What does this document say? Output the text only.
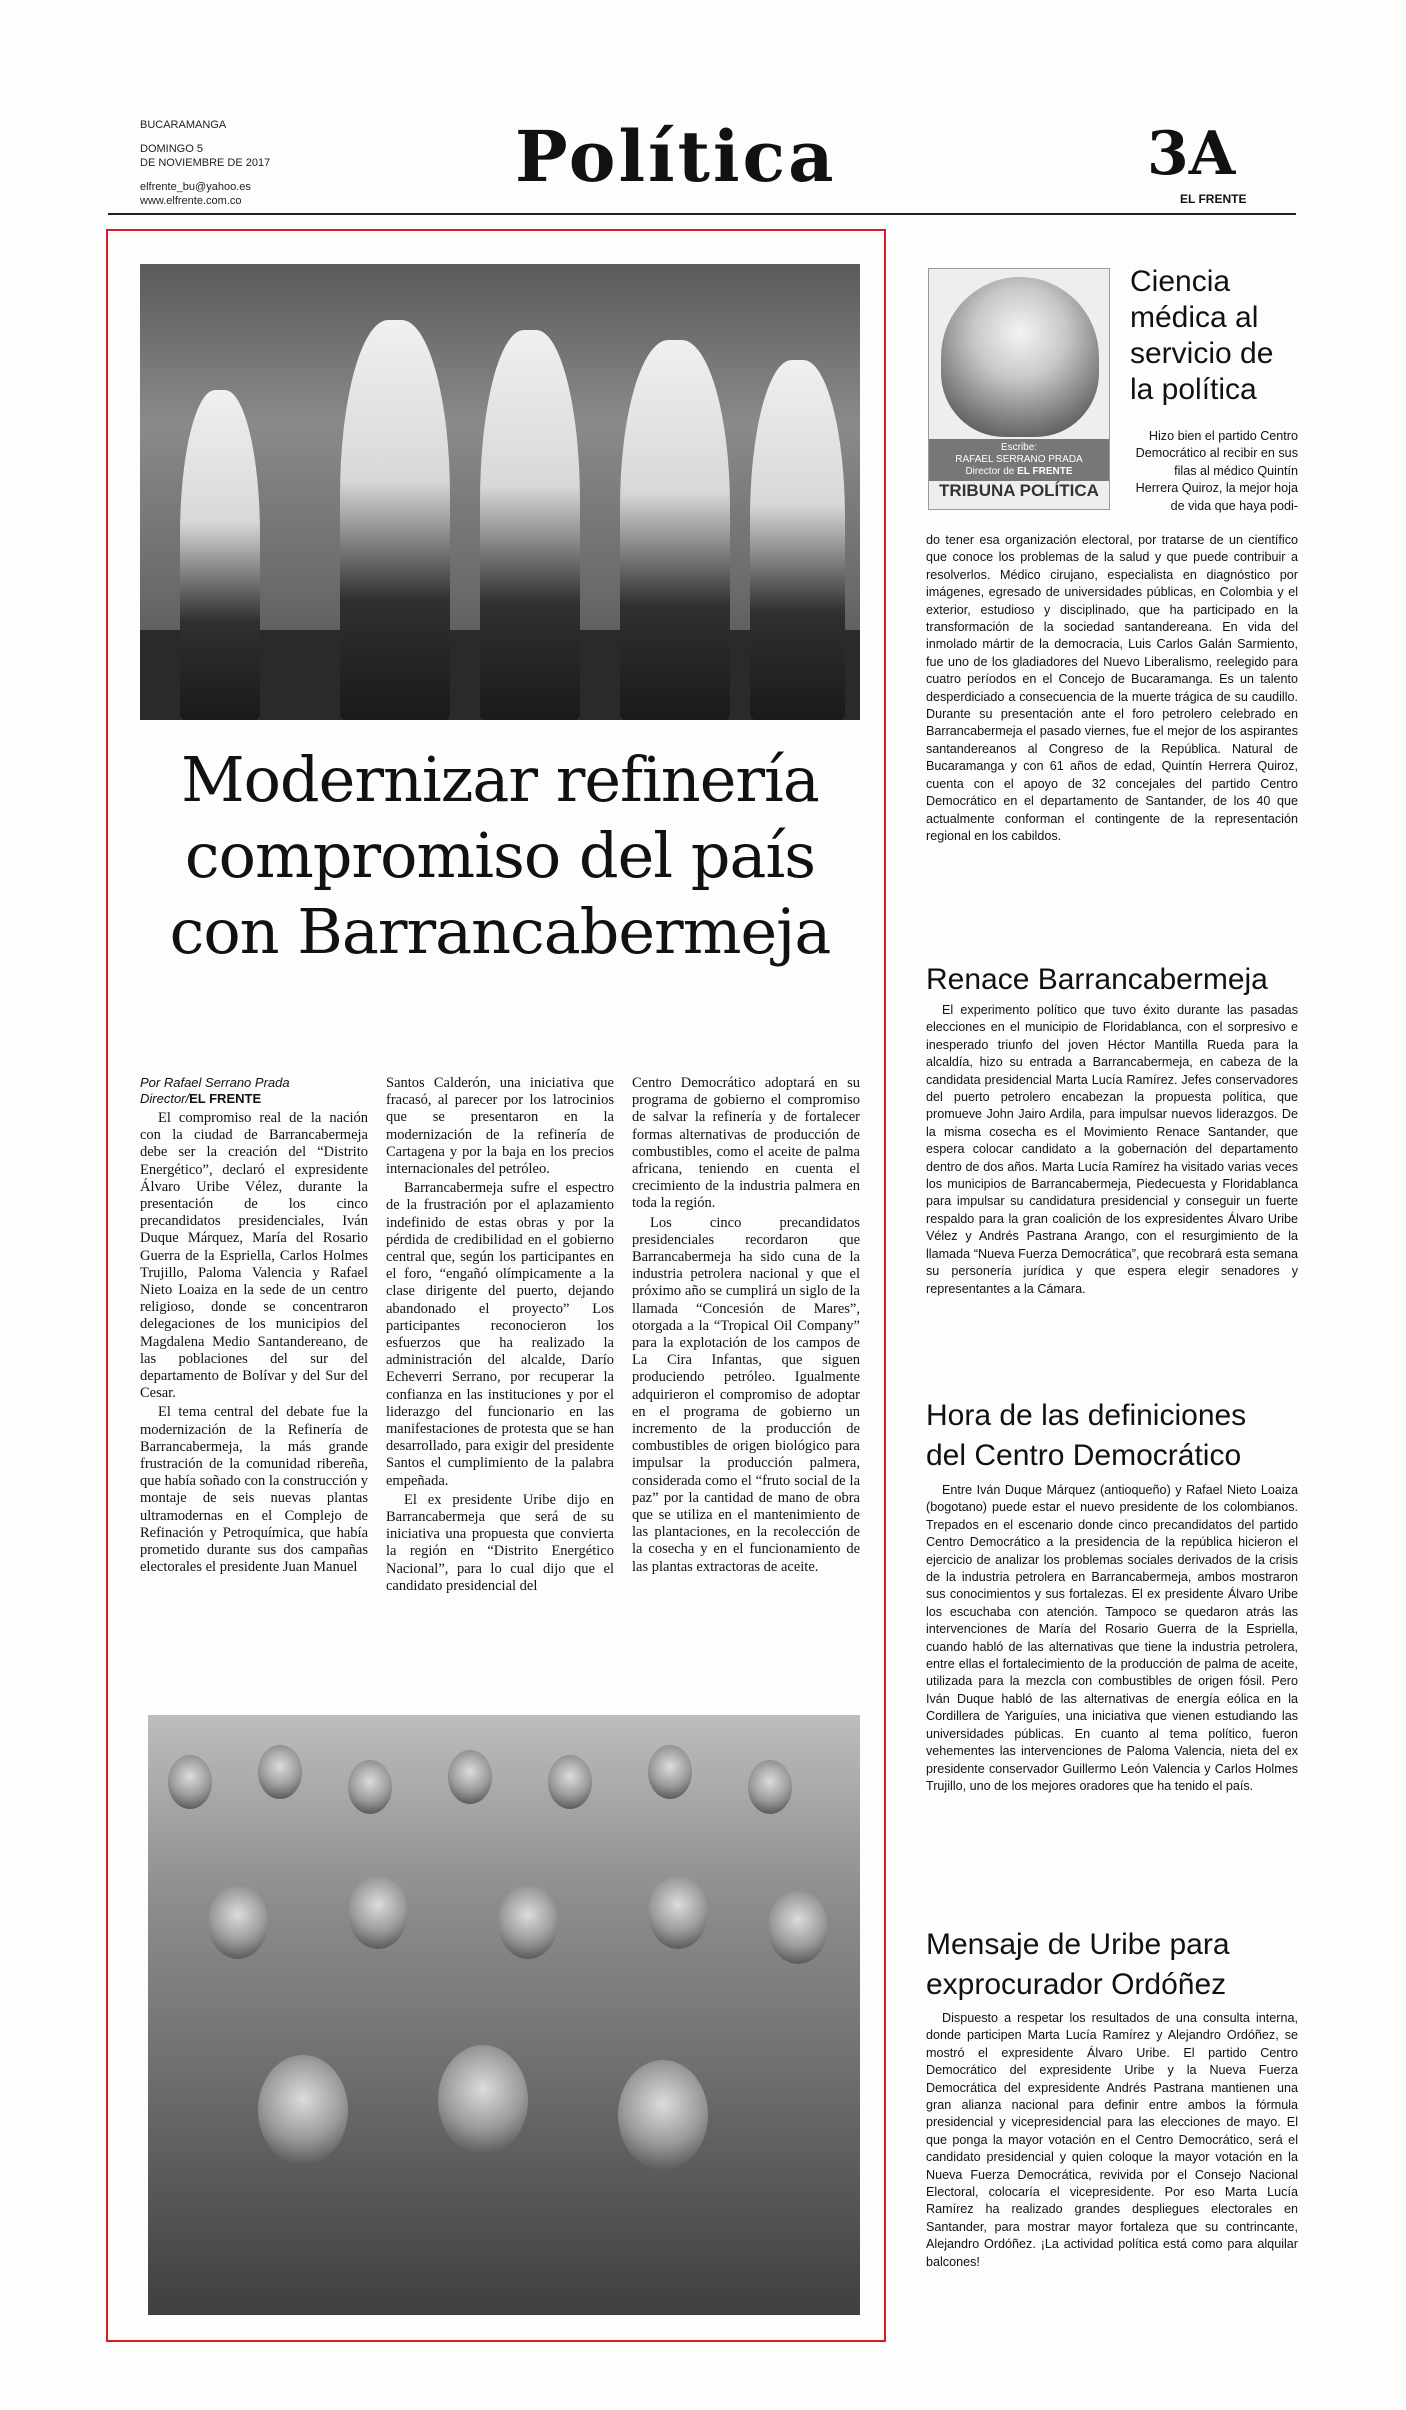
BUCARAMANGA
DOMINGO 5
DE NOVIEMBRE DE 2017
elfrente_bu@yahoo.es
www.elfrente.com.co
Política	3A
EL FRENTE
Modernizar refinería
compromiso del país
con Barrancabermeja
Por Rafael Serrano Prada
Director/EL FRENTE

El compromiso real de la nación con la ciudad de Barrancabermeja debe ser la creación del “Distrito Energético”, declaró el expresidente Álvaro Uribe Vélez, durante la presentación de los cinco precandidatos presidenciales, Iván Duque Márquez, María del Rosario Guerra de la Espriella, Carlos Holmes Trujillo, Paloma Valencia y Rafael Nieto Loaiza en la sede de un centro religioso, donde se concentraron delegaciones de los municipios del Magdalena Medio Santandereano, de las poblaciones del sur del departamento de Bolívar y del Sur del Cesar.

El tema central del debate fue la modernización de la Refinería de Barrancabermeja, la más grande frustración de la comunidad ribereña, que había soñado con la construcción y montaje de seis nuevas plantas ultramodernas en el Complejo de Refinación y Petroquímica, que había prometido durante sus dos campañas electorales el presidente Juan Manuel

Santos Calderón, una iniciativa que fracasó, al parecer por los latrocinios que se presentaron en la modernización de la refinería de Cartagena y por la baja en los precios internacionales del petróleo.

Barrancabermeja sufre el espectro de la frustración por el aplazamiento indefinido de estas obras y por la pérdida de credibilidad en el gobierno central que, según los participantes en el foro, “engañó olímpicamente a la clase dirigente del puerto, dejando abandonado el proyecto” Los participantes reconocieron los esfuerzos que ha realizado la administración del alcalde, Darío Echeverri Serrano, por recuperar la confianza en las instituciones y por el liderazgo del funcionario en las manifestaciones de protesta que se han desarrollado, para exigir del presidente Santos el cumplimiento de la palabra empeñada.

El ex presidente Uribe dijo en Barrancabermeja que será de su iniciativa una propuesta que convierta la región en “Distrito Energético Nacional”, para lo cual dijo que el candidato presidencial del

Centro Democrático adoptará en su programa de gobierno el compromiso de salvar la refinería y de fortalecer formas alternativas de producción de combustibles, como el aceite de palma africana, teniendo en cuenta el crecimiento de la industria palmera en toda la región.

Los cinco precandidatos presidenciales recordaron que Barrancabermeja ha sido cuna de la industria petrolera nacional y que el próximo año se cumplirá un siglo de la llamada “Concesión de Mares”, otorgada a la “Tropical Oil Company” para la explotación de los campos de La Cira Infantas, que siguen produciendo petróleo. Igualmente adquirieron el compromiso de adoptar en el programa de gobierno un incremento de la producción de combustibles de origen biológico para impulsar la producción palmera, considerada como el “fruto social de la paz” por la cantidad de mano de obra que se utiliza en el mantenimiento de las plantaciones, en la recolección de la cosecha y en el funcionamiento de las plantas extractoras de aceite.

Escribe:
RAFAEL SERRANO PRADA
Director de EL FRENTE
TRIBUNA POLÍTICA
Ciencia médica al servicio de la política

Hizo bien el partido Centro Democrático al recibir en sus filas al médico Quintín Herrera Quiroz, la mejor hoja de vida que haya podi-

do tener esa organización electoral, por tratarse de un científico que conoce los problemas de la salud y que puede contribuir a resolverlos. Médico cirujano, especialista en diagnóstico por imágenes, egresado de universidades públicas, en Colombia y el exterior, estudioso y disciplinado, que ha participado en la transformación de la sociedad santandereana. En vida del inmolado mártir de la democracia, Luis Carlos Galán Sarmiento, fue uno de los gladiadores del Nuevo Liberalismo, reelegido para cuatro períodos en el Concejo de Bucaramanga. Es un talento desperdiciado a consecuencia de la muerte trágica de su caudillo. Durante su presentación ante el foro petrolero celebrado en Barrancabermeja el pasado viernes, fue el mejor de los aspirantes santandereanos al Congreso de la República. Natural de Bucaramanga y con 61 años de edad, Quintín Herrera Quiroz, cuenta con el apoyo de 32 concejales del partido Centro Democrático en el departamento de Santander, de los 40 que actualmente conforman el contingente de la representación regional en los cabildos.

Renace Barrancabermeja

El experimento político que tuvo éxito durante las pasadas elecciones en el municipio de Floridablanca, con el sorpresivo e inesperado triunfo del joven Héctor Mantilla Rueda para la alcaldía, hizo su entrada a Barrancabermeja, en cabeza de la candidata presidencial Marta Lucía Ramírez. Jefes conservadores del puerto petrolero encabezan la propuesta política, que promueve John Jairo Ardila, para impulsar nuevos liderazgos. De la misma cosecha es el Movimiento Renace Santander, que espera colocar candidato a la gobernación del departamento dentro de dos años. Marta Lucía Ramírez ha visitado varias veces los municipios de Barrancabermeja, Piedecuesta y Floridablanca para impulsar su candidatura presidencial y conseguir un fuerte respaldo para la gran coalición de los expresidentes Álvaro Uribe Vélez y Andrés Pastrana Arango, con el resurgimiento de la llamada “Nueva Fuerza Democrática”, que recobrará esta semana su personería jurídica y que espera elegir senadores y representantes a la Cámara.

Hora de las definiciones
del Centro Democrático

Entre Iván Duque Márquez (antioqueño) y Rafael Nieto Loaiza (bogotano) puede estar el nuevo presidente de los colombianos. Trepados en el escenario donde cinco precandidatos del partido Centro Democrático a la presidencia de la república hicieron el ejercicio de analizar los problemas sociales derivados de la crisis de la industria petrolera en Barrancabermeja, ambos mostraron sus conocimientos y sus fortalezas. El ex presidente Álvaro Uribe los escuchaba con atención. Tampoco se quedaron atrás las intervenciones de María del Rosario Guerra de la Espriella, cuando habló de las alternativas que tiene la industria petrolera, entre ellas el fortalecimiento de la producción de palma de aceite, utilizada para la mezcla con combustibles de origen fósil. Pero Iván Duque habló de las alternativas de energía eólica en la Cordillera de Yariguíes, una iniciativa que vienen estudiando las universidades públicas. En cuanto al tema político, fueron vehementes las intervenciones de Paloma Valencia, nieta del ex presidente conservador Guillermo León Valencia y Carlos Holmes Trujillo, uno de los mejores oradores que ha tenido el país.

Mensaje de Uribe para
exprocurador Ordóñez

Dispuesto a respetar los resultados de una consulta interna, donde participen Marta Lucía Ramírez y Alejandro Ordóñez, se mostró el expresidente Álvaro Uribe. El partido Centro Democrático del expresidente Uribe y la Nueva Fuerza Democrática del expresidente Andrés Pastrana mantienen una gran alianza nacional para definir entre ambos la fórmula presidencial y vicepresidencial para las elecciones de mayo. El que ponga la mayor votación en el Centro Democrático, será el candidato presidencial y quien coloque la mayor votación en la Nueva Fuerza Democrática, revivida por el Consejo Nacional Electoral, colocaría el vicepresidente. Por eso Marta Lucía Ramírez ha realizado grandes despliegues electorales en Santander, para mostrar mayor fortaleza que su contrincante, Alejandro Ordóñez. ¡La actividad política está como para alquilar balcones!
